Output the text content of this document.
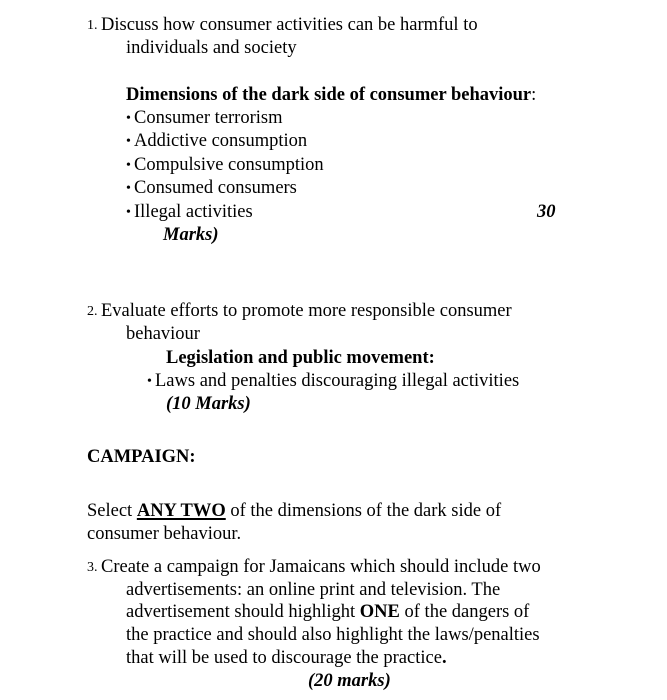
1. Discuss how consumer activities can be harmful to
individuals and society
Dimensions of the dark side of consumer behaviour:
• Consumer terrorism
• Addictive consumption
• Compulsive consumption
• Consumed consumers
• Illegal activities	30
Marks)
2. Evaluate efforts to promote more responsible consumer
behaviour
Legislation and public movement:
• Laws and penalties discouraging illegal activities
(10 Marks)
CAMPAIGN:
Select ANY TWO of the dimensions of the dark side of
consumer behaviour.
3. Create a campaign for Jamaicans which should include two
advertisements: an online print and television. The
advertisement should highlight ONE of the dangers of
the practice and should also highlight the laws/penalties
that will be used to discourage the practice.
(20 marks)
